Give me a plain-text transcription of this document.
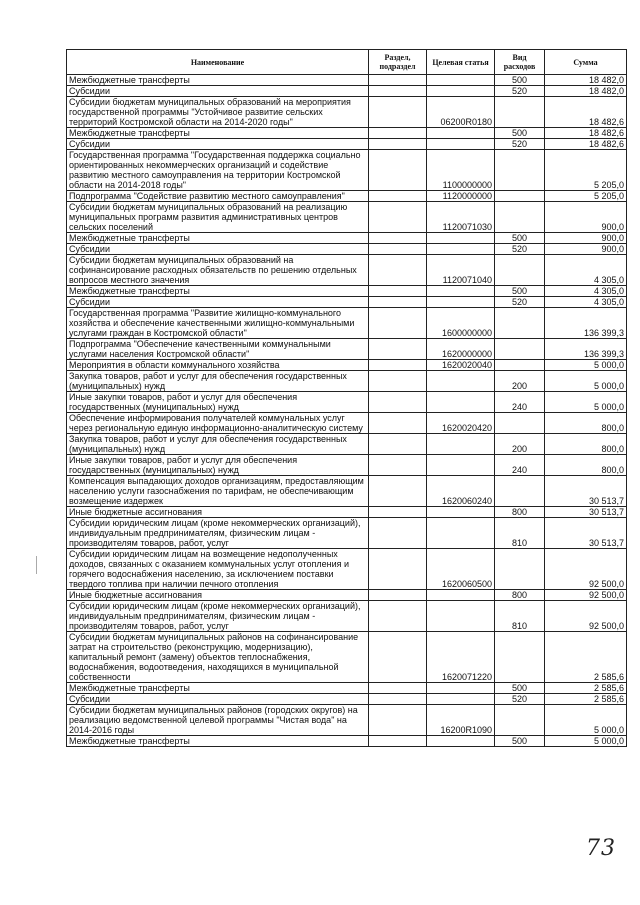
Наименование	Раздел, подраздел	Целевая статья	Вид расходов	Сумма
Межбюджетные трансферты			500	18 482,0
Субсидии			520	18 482,0
Субсидии бюджетам муниципальных образований на мероприятия государственной программы "Устойчивое развитие сельских территорий Костромской области на 2014-2020 годы"		06200R0180		18 482,6
Межбюджетные трансферты			500	18 482,6
Субсидии			520	18 482,6
Государственная программа "Государственная поддержка социально ориентированных некоммерческих организаций и содействие развитию местного самоуправления на территории Костромской области на 2014-2018 годы"		1100000000		5 205,0
Подпрограмма "Содействие развитию местного самоуправления"		1120000000		5 205,0
Субсидии бюджетам муниципальных образований на реализацию муниципальных программ развития административных центров сельских поселений		1120071030		900,0
Межбюджетные трансферты			500	900,0
Субсидии			520	900,0
Субсидии бюджетам муниципальных образований на софинансирование расходных обязательств по решению отдельных вопросов местного значения		1120071040		4 305,0
Межбюджетные трансферты			500	4 305,0
Субсидии			520	4 305,0
Государственная программа "Развитие жилищно-коммунального хозяйства и обеспечение качественными жилищно-коммунальными услугами граждан в Костромской области"		1600000000		136 399,3
Подпрограмма "Обеспечение качественными коммунальными услугами населения Костромской области"		1620000000		136 399,3
Мероприятия в области коммунального хозяйства		1620020040		5 000,0
Закупка товаров, работ и услуг для обеспечения государственных (муниципальных) нужд			200	5 000,0
Иные закупки товаров, работ и услуг для обеспечения государственных (муниципальных) нужд			240	5 000,0
Обеспечение информирования получателей коммунальных услуг через региональную единую информационно-аналитическую систему		1620020420		800,0
Закупка товаров, работ и услуг для обеспечения государственных (муниципальных) нужд			200	800,0
Иные закупки товаров, работ и услуг для обеспечения государственных (муниципальных) нужд			240	800,0
Компенсация выпадающих доходов организациям, предоставляющим населению услуги газоснабжения по тарифам, не обеспечивающим возмещение издержек		1620060240		30 513,7
Иные бюджетные ассигнования			800	30 513,7
Субсидии юридическим лицам (кроме некоммерческих организаций), индивидуальным предпринимателям, физическим лицам - производителям товаров, работ, услуг			810	30 513,7
Субсидии юридическим лицам на возмещение недополученных доходов, связанных с оказанием коммунальных услуг отопления и горячего водоснабжения населению, за исключением поставки твердого топлива при наличии печного отопления		1620060500		92 500,0
Иные бюджетные ассигнования			800	92 500,0
Субсидии юридическим лицам (кроме некоммерческих организаций), индивидуальным предпринимателям, физическим лицам - производителям товаров, работ, услуг			810	92 500,0
Субсидии бюджетам муниципальных районов на софинансирование затрат на строительство (реконструкцию, модернизацию), капитальный ремонт (замену) объектов теплоснабжения, водоснабжения, водоотведения, находящихся в муниципальной собственности		1620071220		2 585,6
Межбюджетные трансферты			500	2 585,6
Субсидии			520	2 585,6
Субсидии бюджетам муниципальных районов (городских округов) на реализацию ведомственной целевой программы "Чистая вода" на 2014-2016 годы		16200R1090		5 000,0
Межбюджетные трансферты			500	5 000,0
73
